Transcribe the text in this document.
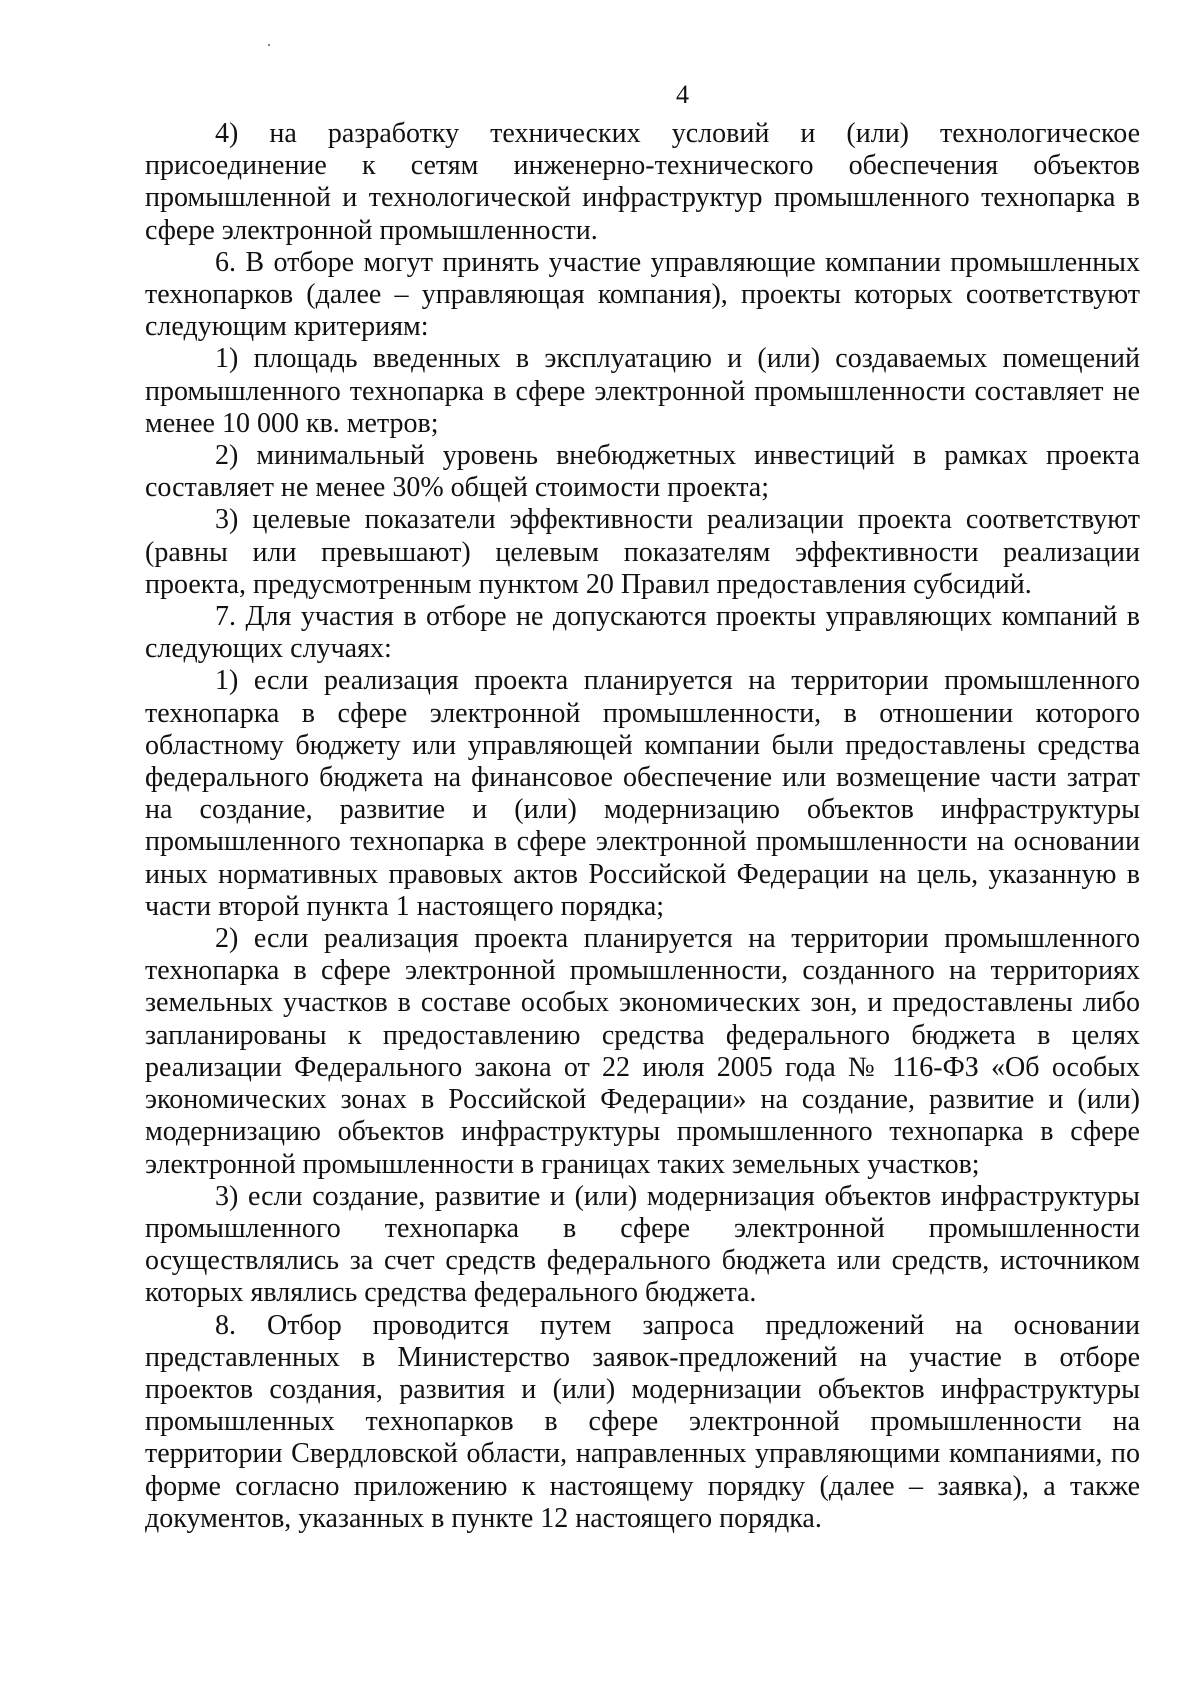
4

4) на разработку технических условий и (или) технологическое присоединение к сетям инженерно-технического обеспечения объектов промышленной и технологической инфраструктур промышленного технопарка в сфере электронной промышленности.

6. В отборе могут принять участие управляющие компании промышленных технопарков (далее – управляющая компания), проекты которых соответствуют следующим критериям:

1) площадь введенных в эксплуатацию и (или) создаваемых помещений промышленного технопарка в сфере электронной промышленности составляет не менее 10 000 кв. метров;

2) минимальный уровень внебюджетных инвестиций в рамках проекта составляет не менее 30% общей стоимости проекта;

3) целевые показатели эффективности реализации проекта соответствуют (равны или превышают) целевым показателям эффективности реализации проекта, предусмотренным пунктом 20 Правил предоставления субсидий.

7. Для участия в отборе не допускаются проекты управляющих компаний в следующих случаях:

1) если реализация проекта планируется на территории промышленного технопарка в сфере электронной промышленности, в отношении которого областному бюджету или управляющей компании были предоставлены средства федерального бюджета на финансовое обеспечение или возмещение части затрат на создание, развитие и (или) модернизацию объектов инфраструктуры промышленного технопарка в сфере электронной промышленности на основании иных нормативных правовых актов Российской Федерации на цель, указанную в части второй пункта 1 настоящего порядка;

2) если реализация проекта планируется на территории промышленного технопарка в сфере электронной промышленности, созданного на территориях земельных участков в составе особых экономических зон, и предоставлены либо запланированы к предоставлению средства федерального бюджета в целях реализации Федерального закона от 22 июля 2005 года № 116-ФЗ «Об особых экономических зонах в Российской Федерации» на создание, развитие и (или) модернизацию объектов инфраструктуры промышленного технопарка в сфере электронной промышленности в границах таких земельных участков;

3) если создание, развитие и (или) модернизация объектов инфраструктуры промышленного технопарка в сфере электронной промышленности осуществлялись за счет средств федерального бюджета или средств, источником которых являлись средства федерального бюджета.

8. Отбор проводится путем запроса предложений на основании представленных в Министерство заявок-предложений на участие в отборе проектов создания, развития и (или) модернизации объектов инфраструктуры промышленных технопарков в сфере электронной промышленности на территории Свердловской области, направленных управляющими компаниями, по форме согласно приложению к настоящему порядку (далее – заявка), а также документов, указанных в пункте 12 настоящего порядка.
